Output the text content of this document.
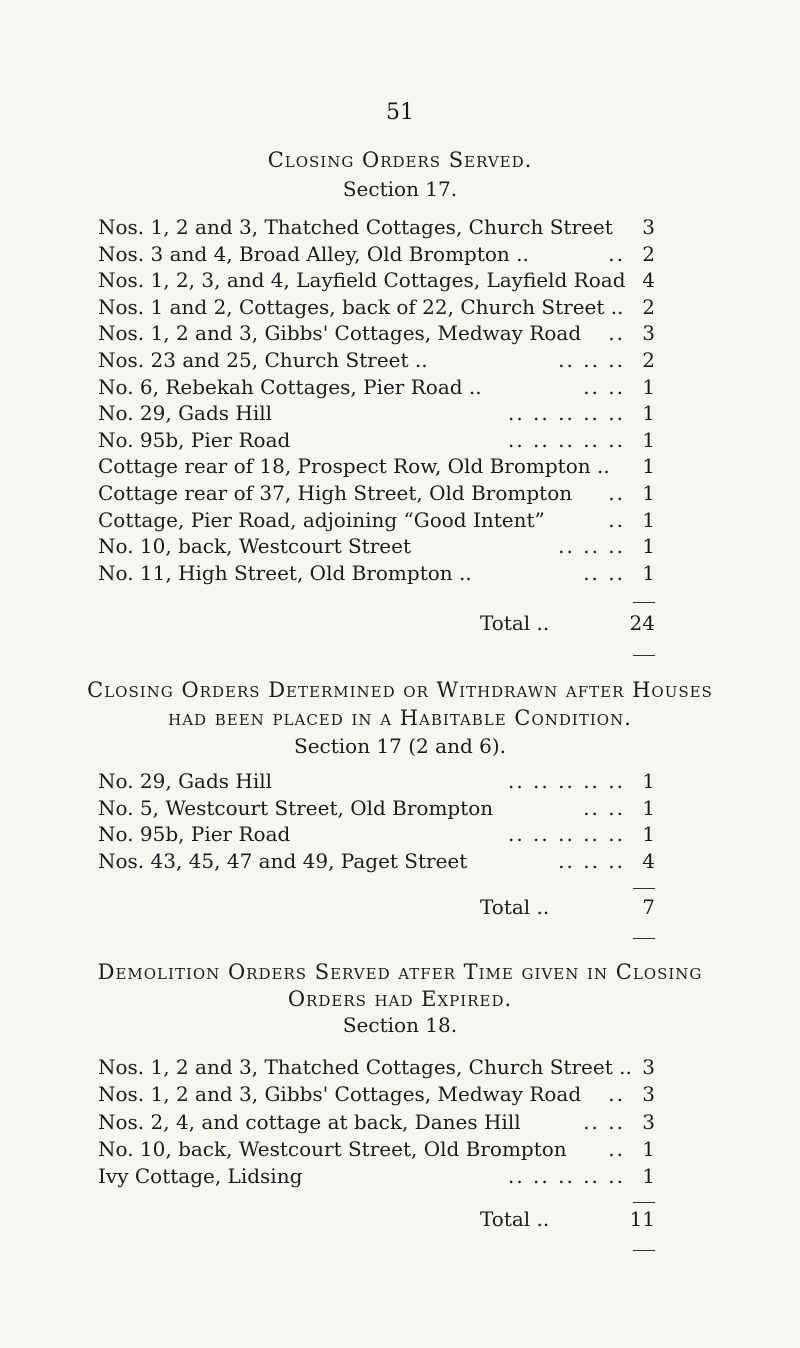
51
Closing Orders Served.
Section 17.
Nos. 1, 2 and 3, Thatched Cottages, Church Street	3
Nos. 3 and 4, Broad Alley, Old Brompton ..	.. 2
Nos. 1, 2, 3, and 4, Layfield Cottages, Layfield Road 4
Nos. 1 and 2, Cottages, back of 22, Church Street .. 2
Nos. 1, 2 and 3, Gibbs' Cottages, Medway Road .. 3
Nos. 23 and 25, Church Street ..	.. .. .. 2
No. 6, Rebekah Cottages, Pier Road ..	.. .. 1
No. 29, Gads Hill	.. .. .. .. .. 1
No. 95b, Pier Road	.. .. .. .. .. 1
Cottage rear of 18, Prospect Row, Old Brompton ..	1
Cottage rear of 37, High Street, Old Brompton .. 1
Cottage, Pier Road, adjoining “Good Intent”	.. 1
No. 10, back, Westcourt Street	.. .. .. 1
No. 11, High Street, Old Brompton ..	.. .. 1
Total ..	24
Closing Orders Determined or Withdrawn after Houses
had been placed in a Habitable Condition.
Section 17 (2 and 6).
No. 29, Gads Hill	.. .. .. .. .. 1
No. 5, Westcourt Street, Old Brompton	.. .. 1
No. 95b, Pier Road	.. .. .. .. .. 1
Nos. 43, 45, 47 and 49, Paget Street	.. .. .. 4
Total ..	7
Demolition Orders Served atfer Time given in Closing
Orders had Expired.
Section 18.
Nos. 1, 2 and 3, Thatched Cottages, Church Street .. 3
Nos. 1, 2 and 3, Gibbs' Cottages, Medway Road .. 3
Nos. 2, 4, and cottage at back, Danes Hill	.. .. 3
No. 10, back, Westcourt Street, Old Brompton .. 1
Ivy Cottage, Lidsing	.. .. .. .. .. 1
Total ..	11
